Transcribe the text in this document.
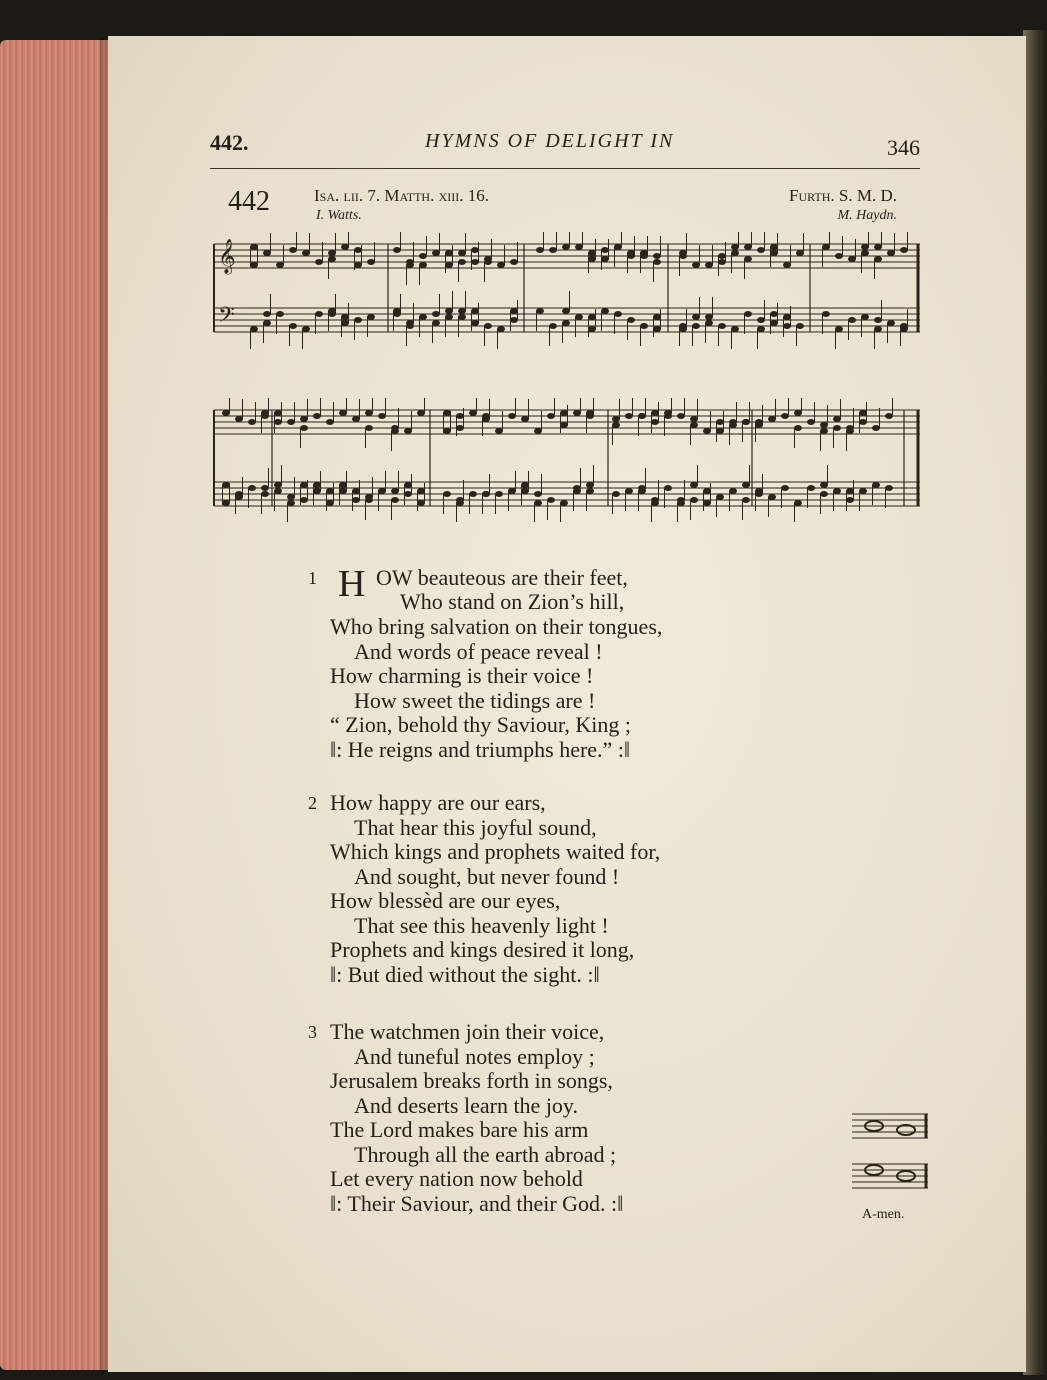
442.	HYMNS OF DELIGHT IN	346
442	Isa. lii. 7. Matth. xiii. 16.
I. Watts.
Furth. S. M. D.
M. Haydn.
𝄞
𝄢
1 H OW beauteous are their feet,
Who stand on Zion’s hill,
Who bring salvation on their tongues,
And words of peace reveal !
How charming is their voice !
How sweet the tidings are !
“ Zion, behold thy Saviour, King ;
‖: He reigns and triumphs here.” :‖
2 How happy are our ears,
That hear this joyful sound,
Which kings and prophets waited for,
And sought, but never found !
How blessèd are our eyes,
That see this heavenly light !
Prophets and kings desired it long,
‖: But died without the sight. :‖
3 The watchmen join their voice,
And tuneful notes employ ;
Jerusalem breaks forth in songs,
And deserts learn the joy.
The Lord makes bare his arm
Through all the earth abroad ;
Let every nation now behold
‖: Their Saviour, and their God. :‖	A-men.
